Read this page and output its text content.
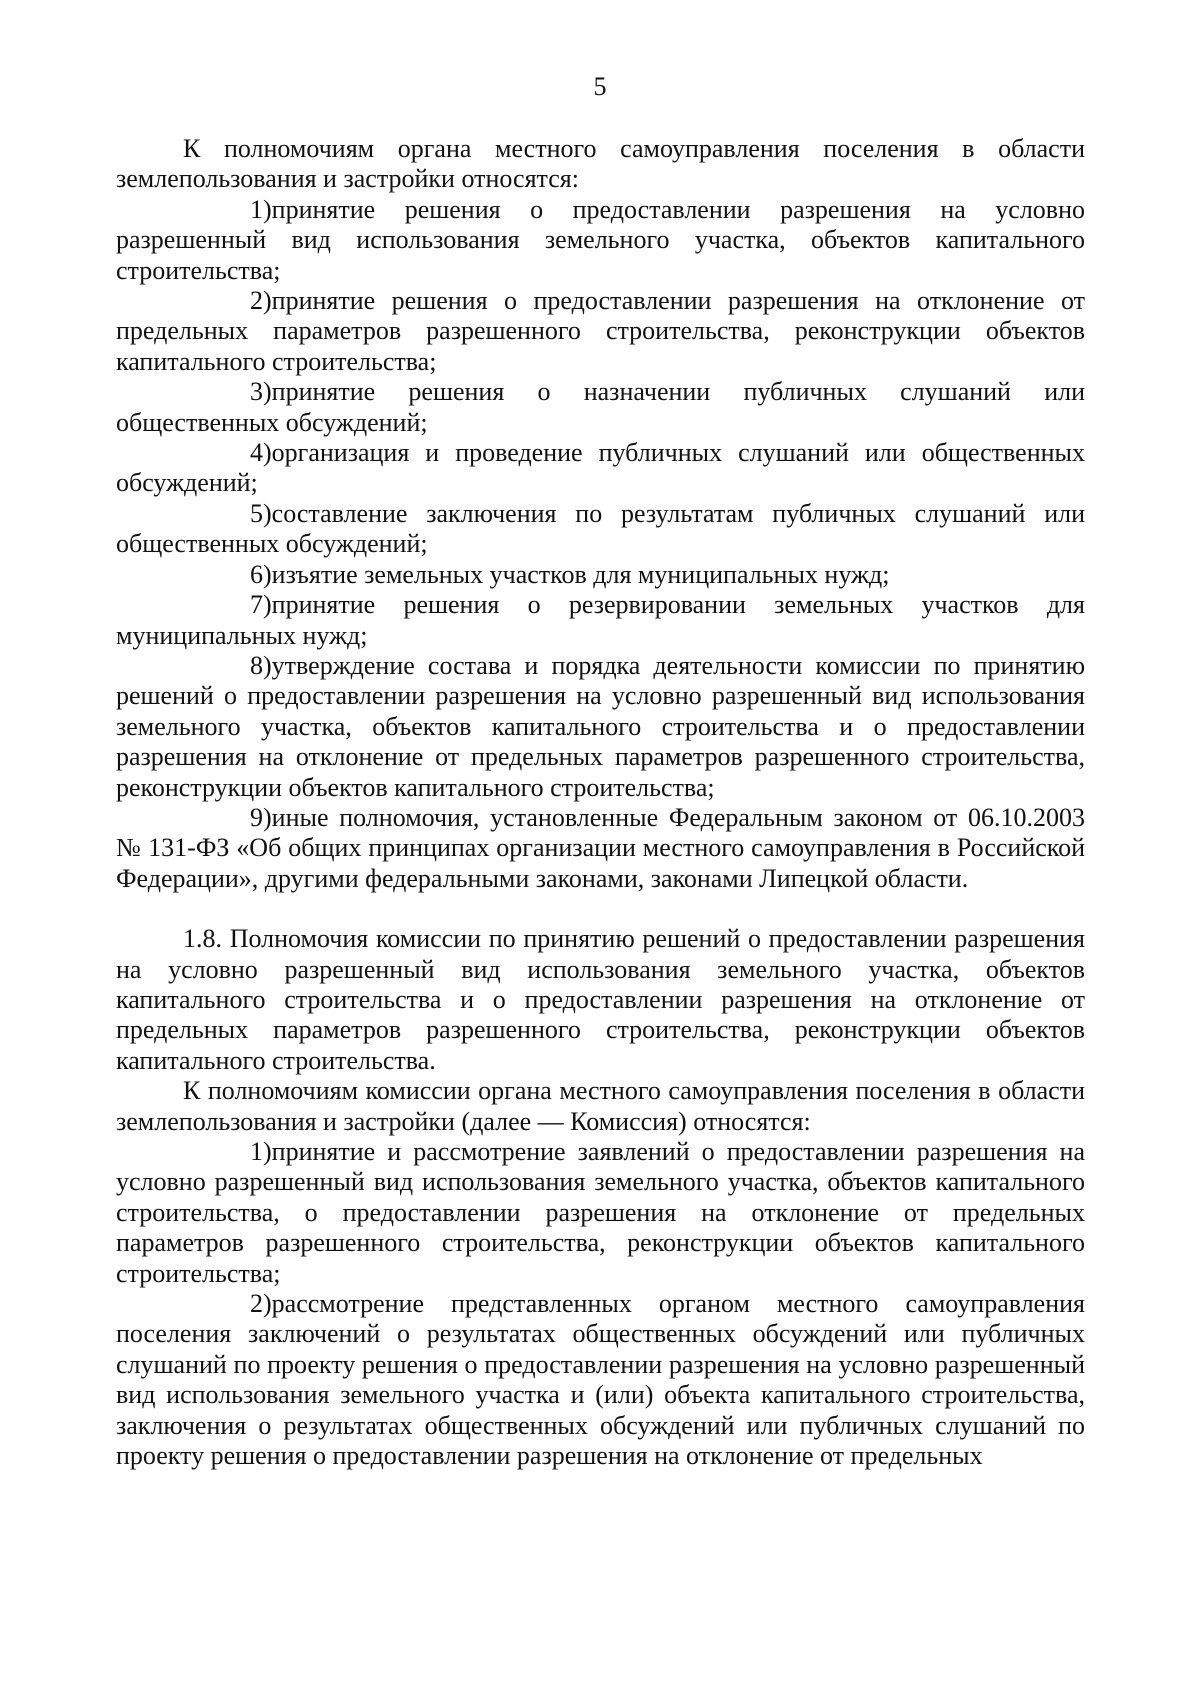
5

К полномочиям органа местного самоуправления поселения в области землепользования и застройки относятся:

1)принятие решения о предоставлении разрешения на условно разрешенный вид использования земельного участка, объектов капитального строительства;

2)принятие решения о предоставлении разрешения на отклонение от предельных параметров разрешенного строительства, реконструкции объектов капитального строительства;

3)принятие решения о назначении публичных слушаний или общественных обсуждений;

4)организация и проведение публичных слушаний или общественных обсуждений;

5)составление заключения по результатам публичных слушаний или общественных обсуждений;

6)изъятие земельных участков для муниципальных нужд;

7)принятие решения о резервировании земельных участков для муниципальных нужд;

8)утверждение состава и порядка деятельности комиссии по принятию решений о предоставлении разрешения на условно разрешенный вид использования земельного участка, объектов капитального строительства и о предоставлении разрешения на отклонение от предельных параметров разрешенного строительства, реконструкции объектов капитального строительства;

9)иные полномочия, установленные Федеральным законом от 06.10.2003 № 131-ФЗ «Об общих принципах организации местного самоуправления в Российской Федерации», другими федеральными законами, законами Липецкой области.

1.8. Полномочия комиссии по принятию решений о предоставлении разрешения на условно разрешенный вид использования земельного участка, объектов капитального строительства и о предоставлении разрешения на отклонение от предельных параметров разрешенного строительства, реконструкции объектов капитального строительства.

К полномочиям комиссии органа местного самоуправления поселения в области землепользования и застройки (далее — Комиссия) относятся:

1)принятие и рассмотрение заявлений о предоставлении разрешения на условно разрешенный вид использования земельного участка, объектов капитального строительства, о предоставлении разрешения на отклонение от предельных параметров разрешенного строительства, реконструкции объектов капитального строительства;

2)рассмотрение представленных органом местного самоуправления поселения заключений о результатах общественных обсуждений или публичных слушаний по проекту решения о предоставлении разрешения на условно разрешенный вид использования земельного участка и (или) объекта капитального строительства, заключения о результатах общественных обсуждений или публичных слушаний по проекту решения о предоставлении разрешения на отклонение от предельных
